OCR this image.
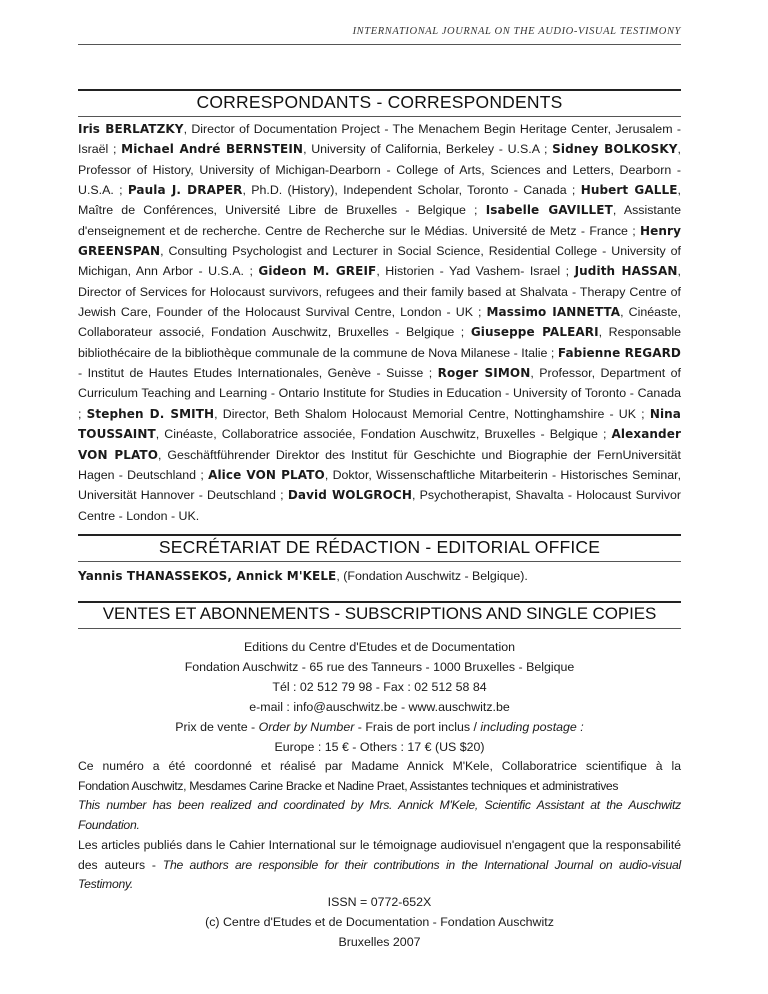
INTERNATIONAL JOURNAL ON THE AUDIO-VISUAL TESTIMONY
CORRESPONDANTS - CORRESPONDENTS
Iris BERLATZKY, Director of Documentation Project - The Menachem Begin Heritage Center, Jerusalem - Israël ; Michael André BERNSTEIN, University of California, Berkeley - U.S.A ; Sidney BOLKOSKY, Professor of History, University of Michigan-Dearborn - College of Arts, Sciences and Letters, Dearborn - U.S.A. ; Paula J. DRAPER, Ph.D. (History), Independent Scholar, Toronto - Canada ; Hubert GALLE, Maître de Conférences, Université Libre de Bruxelles - Belgique ; Isabelle GAVILLET, Assistante d'enseignement et de recherche. Centre de Recherche sur le Médias. Université de Metz - France ; Henry GREENSPAN, Consulting Psychologist and Lecturer in Social Science, Residential College - University of Michigan, Ann Arbor - U.S.A. ; Gideon M. GREIF, Historien - Yad Vashem- Israel ; Judith HASSAN, Director of Services for Holocaust survivors, refugees and their family based at Shalvata - Therapy Centre of Jewish Care, Founder of the Holocaust Survival Centre, London - UK ; Massimo IANNETTA, Cinéaste, Collaborateur associé, Fondation Auschwitz, Bruxelles - Belgique ; Giuseppe PALEARI, Responsable bibliothécaire de la bibliothèque communale de la commune de Nova Milanese - Italie ; Fabienne REGARD - Institut de Hautes Etudes Internationales, Genève - Suisse ; Roger SIMON, Professor, Department of Curriculum Teaching and Learning - Ontario Institute for Studies in Education - University of Toronto - Canada ; Stephen D. SMITH, Director, Beth Shalom Holocaust Memorial Centre, Nottinghamshire - UK ; Nina TOUSSAINT, Cinéaste, Collaboratrice associée, Fondation Auschwitz, Bruxelles - Belgique ; Alexander VON PLATO, Geschäftführender Direktor des Institut für Geschichte und Biographie der FernUniversität Hagen - Deutschland ; Alice VON PLATO, Doktor, Wissenschaftliche Mitarbeiterin - Historisches Seminar, Universität Hannover - Deutschland ; David WOLGROCH, Psychotherapist, Shavalta - Holocaust Survivor Centre - London - UK.
SECRÉTARIAT DE RÉDACTION - EDITORIAL OFFICE
Yannis THANASSEKOS, Annick M'KELE, (Fondation Auschwitz - Belgique).
VENTES ET ABONNEMENTS - SUBSCRIPTIONS AND SINGLE COPIES
Editions du Centre d'Etudes et de Documentation
Fondation Auschwitz - 65 rue des Tanneurs - 1000 Bruxelles - Belgique
Tél : 02 512 79 98 - Fax : 02 512 58 84
e-mail : info@auschwitz.be - www.auschwitz.be
Prix de vente - Order by Number - Frais de port inclus / including postage :
Europe : 15 € - Others : 17 € (US $20)
Ce numéro a été coordonné et réalisé par Madame Annick M'Kele, Collaboratrice scientifique à la
Fondation Auschwitz, Mesdames Carine Bracke et Nadine Praet, Assistantes techniques et administratives
This number has been realized and coordinated by Mrs. Annick M'Kele, Scientific Assistant at the Auschwitz Foundation.
Les articles publiés dans le Cahier International sur le témoignage audiovisuel n'engagent que la responsabilité des auteurs - The authors are responsible for their contributions in the International Journal on audio-visual Testimony.
ISSN = 0772-652X
(c) Centre d'Etudes et de Documentation - Fondation Auschwitz
Bruxelles 2007
